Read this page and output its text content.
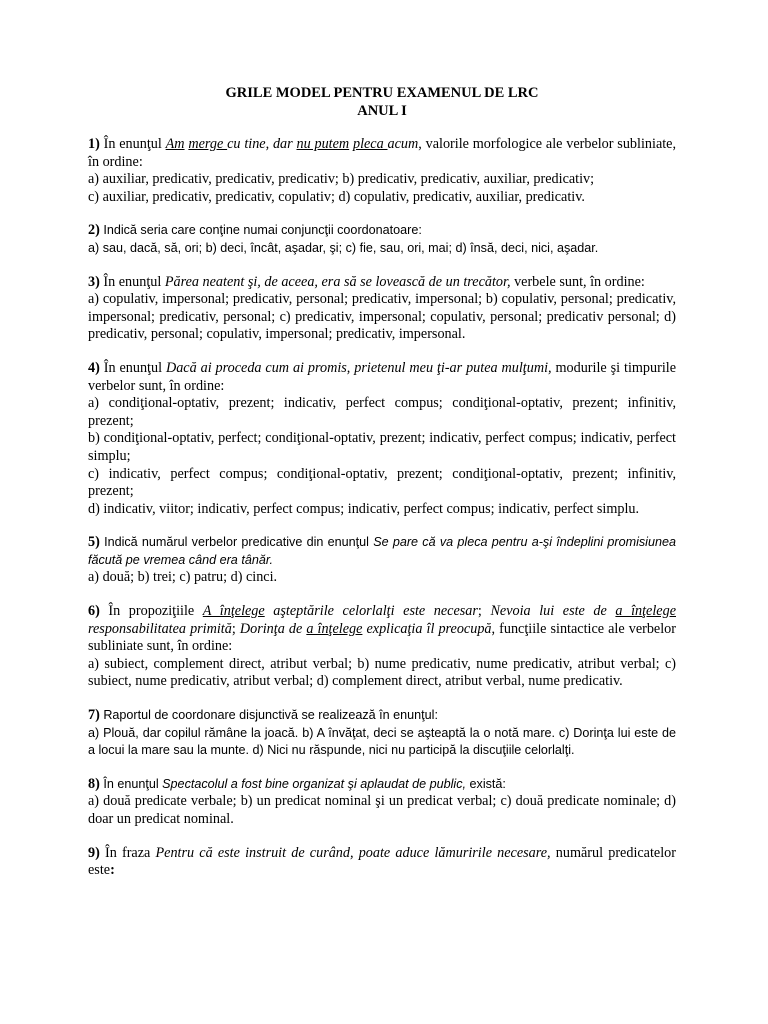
GRILE MODEL PENTRU EXAMENUL DE LRC
ANUL I
1) În enunţul Am merge cu tine, dar nu putem pleca acum, valorile morfologice ale verbelor subliniate, în ordine:
a) auxiliar, predicativ, predicativ, predicativ; b) predicativ, predicativ, auxiliar, predicativ;
c) auxiliar, predicativ, predicativ, copulativ; d) copulativ, predicativ, auxiliar, predicativ.
2) Indică seria care conţine numai conjuncţii coordonatoare:
a) sau, dacă, să, ori; b) deci, încât, aşadar, şi; c) fie, sau, ori, mai; d) însă, deci, nici, aşadar.
3) În enunţul Părea neatent şi, de aceea, era să se lovească de un trecător, verbele sunt, în ordine:
a) copulativ, impersonal; predicativ, personal; predicativ, impersonal; b) copulativ, personal; predicativ, impersonal; predicativ, personal; c) predicativ, impersonal; copulativ, personal; predicativ personal; d) predicativ, personal; copulativ, impersonal; predicativ, impersonal.
4) În enunţul Dacă ai proceda cum ai promis, prietenul meu ţi-ar putea mulţumi, modurile şi timpurile verbelor sunt, în ordine:
a) condiţional-optativ, prezent; indicativ, perfect compus; condiţional-optativ, prezent; infinitiv, prezent;
b) condiţional-optativ, perfect; condiţional-optativ, prezent; indicativ, perfect compus; indicativ, perfect simplu;
c) indicativ, perfect compus; condiţional-optativ, prezent; condiţional-optativ, prezent; infinitiv, prezent;
d) indicativ, viitor; indicativ, perfect compus; indicativ, perfect compus; indicativ, perfect simplu.
5) Indică numărul verbelor predicative din enunţul Se pare că va pleca pentru a-şi îndeplini promisiunea făcută pe vremea când era tânăr.
a) două; b) trei; c) patru; d) cinci.
6) În propoziţiile A înţelege aşteptările celorlalţi este necesar; Nevoia lui este de a înţelege responsabilitatea primită; Dorinţa de a înţelege explicaţia îl preocupă, funcţiile sintactice ale verbelor subliniate sunt, în ordine:
a) subiect, complement direct, atribut verbal; b) nume predicativ, nume predicativ, atribut verbal; c) subiect, nume predicativ, atribut verbal; d) complement direct, atribut verbal, nume predicativ.
7) Raportul de coordonare disjunctivă se realizează în enunţul:
a) Plouă, dar copilul rămâne la joacă. b) A învăţat, deci se aşteaptă la o notă mare. c) Dorinţa lui este de a locui la mare sau la munte. d) Nici nu răspunde, nici nu participă la discuţiile celorlalţi.
8) În enunţul Spectacolul a fost bine organizat şi aplaudat de public, există:
a) două predicate verbale; b) un predicat nominal şi un predicat verbal; c) două predicate nominale; d) doar un predicat nominal.
9) În fraza Pentru că este instruit de curând, poate aduce lămuririle necesare, numărul predicatelor este:
